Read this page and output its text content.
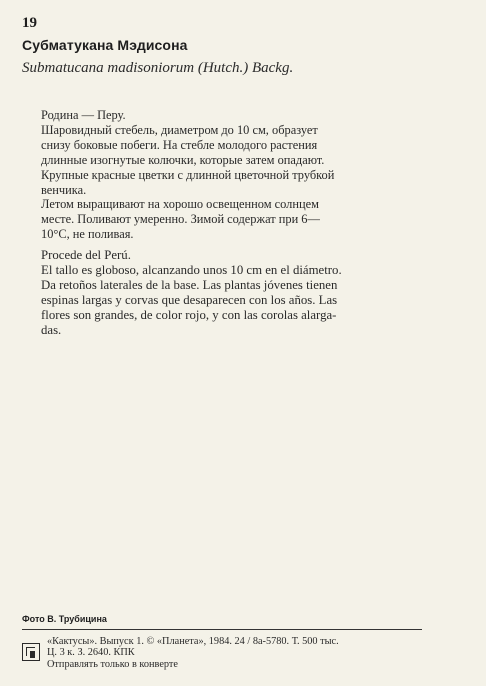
19
Субматукана Мэдисона
Submatucana madisoniorum (Hutch.) Backg.
Родина — Перу.
Шаровидный стебель, диаметром до 10 см, образует
снизу боковые побеги. На стебле молодого растения
длинные изогнутые колючки, которые затем опадают.
Крупные красные цветки с длинной цветочной трубкой
венчика.
Летом выращивают на хорошо освещенном солнцем
месте. Поливают умеренно. Зимой содержат при 6—
10°С, не поливая.
Procede del Perú.
El tallo es globoso, alcanzando unos 10 cm en el diámetro.
Da retoños laterales de la base. Las plantas jóvenes tienen
espinas largas y corvas que desaparecen con los años. Las
flores son grandes, de color rojo, y con las corolas alarga-
das.
Фото В. Трубицина
«Кактусы». Выпуск 1. © «Планета», 1984. 24 / 8а-5780. Т. 500 тыс.
Ц. 3 к. З. 2640. КПК
Отправлять только в конверте
